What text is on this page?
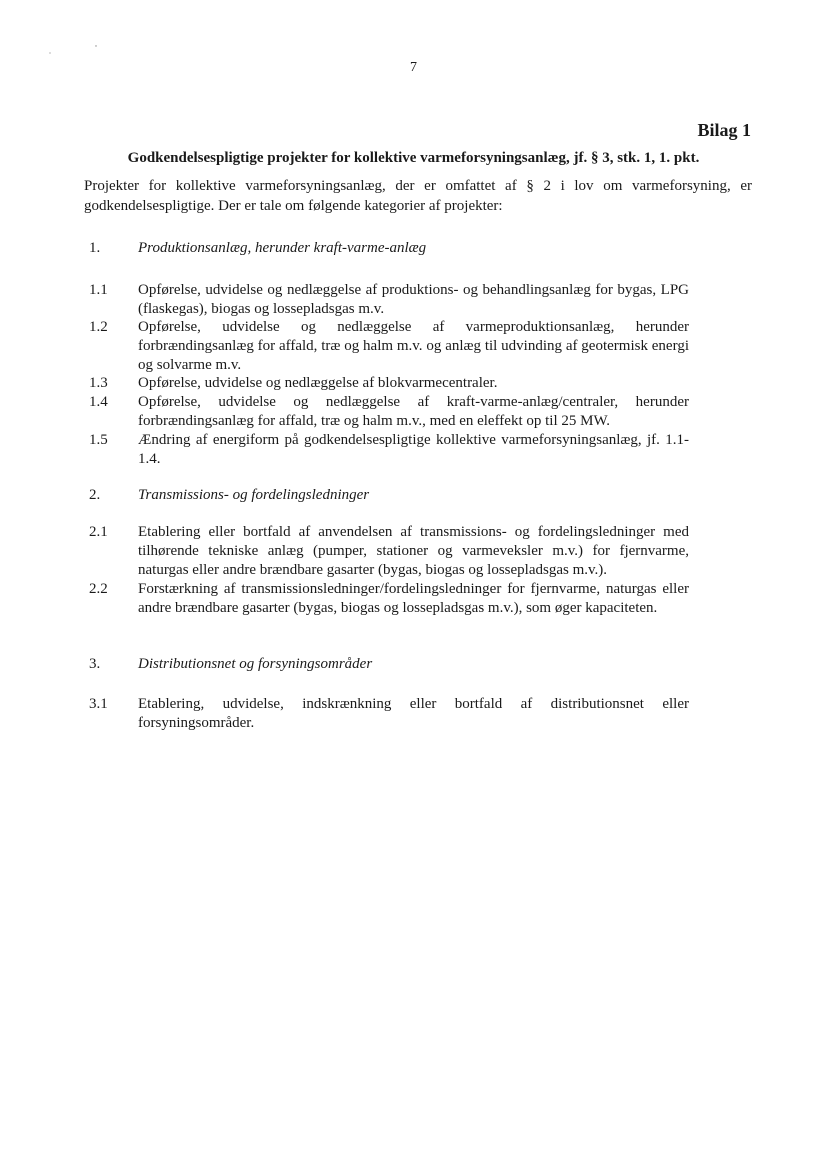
7
Bilag 1
Godkendelsespligtige projekter for kollektive varmeforsyningsanlæg, jf. § 3, stk. 1, 1. pkt.
Projekter for kollektive varmeforsyningsanlæg, der er omfattet af § 2 i lov om varmeforsyning, er godkendelsespligtige. Der er tale om følgende kategorier af projekter:
1.	Produktionsanlæg, herunder kraft-varme-anlæg
1.1 Opførelse, udvidelse og nedlæggelse af produktions- og behandlingsanlæg for bygas, LPG (flaskegas), biogas og lossepladsgas m.v.
1.2 Opførelse, udvidelse og nedlæggelse af varmeproduktionsanlæg, herunder forbrændingsanlæg for affald, træ og halm m.v. og anlæg til udvinding af geotermisk energi og solvarme m.v.
1.3 Opførelse, udvidelse og nedlæggelse af blokvarmecentraler.
1.4 Opførelse, udvidelse og nedlæggelse af kraft-varme-anlæg/centraler, herunder forbrændingsanlæg for affald, træ og halm m.v., med en eleffekt op til 25 MW.
1.5 Ændring af energiform på godkendelsespligtige kollektive varmeforsyningsanlæg, jf. 1.1-1.4.
2.	Transmissions- og fordelingsledninger
2.1 Etablering eller bortfald af anvendelsen af transmissions- og fordelingsledninger med tilhørende tekniske anlæg (pumper, stationer og varmeveksler m.v.) for fjernvarme, naturgas eller andre brændbare gasarter (bygas, biogas og lossepladsgas m.v.).
2.2 Forstærkning af transmissionsledninger/fordelingsledninger for fjernvarme, naturgas eller andre brændbare gasarter (bygas, biogas og lossepladsgas m.v.), som øger kapaciteten.
3.	Distributionsnet og forsyningsområder
3.1 Etablering, udvidelse, indskrænkning eller bortfald af distributionsnet eller forsyningsområder.
